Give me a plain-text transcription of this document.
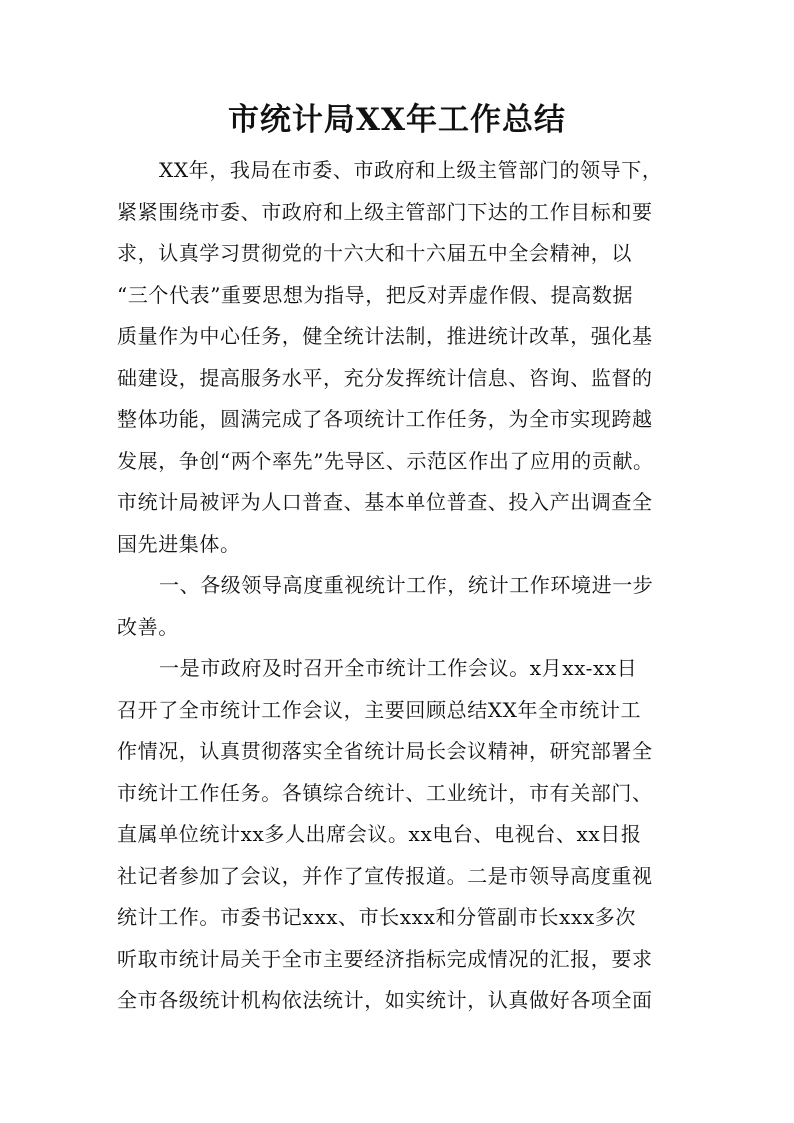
市统计局XX年工作总结

XX年，我局在市委、市政府和上级主管部门的领导下，
紧紧围绕市委、市政府和上级主管部门下达的工作目标和要
求，认真学习贯彻党的十六大和十六届五中全会精神，以
“三个代表”重要思想为指导，把反对弄虚作假、提高数据
质量作为中心任务，健全统计法制，推进统计改革，强化基
础建设，提高服务水平，充分发挥统计信息、咨询、监督的
整体功能，圆满完成了各项统计工作任务，为全市实现跨越
发展，争创“两个率先”先导区、示范区作出了应用的贡献。
市统计局被评为人口普查、基本单位普查、投入产出调查全
国先进集体。

一、各级领导高度重视统计工作，统计工作环境进一步
改善。

一是市政府及时召开全市统计工作会议。x月xx-xx日
召开了全市统计工作会议，主要回顾总结XX年全市统计工
作情况，认真贯彻落实全省统计局长会议精神，研究部署全
市统计工作任务。各镇综合统计、工业统计，市有关部门、
直属单位统计xx多人出席会议。xx电台、电视台、xx日报
社记者参加了会议，并作了宣传报道。二是市领导高度重视
统计工作。市委书记xxx、市长xxx和分管副市长xxx多次
听取市统计局关于全市主要经济指标完成情况的汇报，要求
全市各级统计机构依法统计，如实统计，认真做好各项全面
